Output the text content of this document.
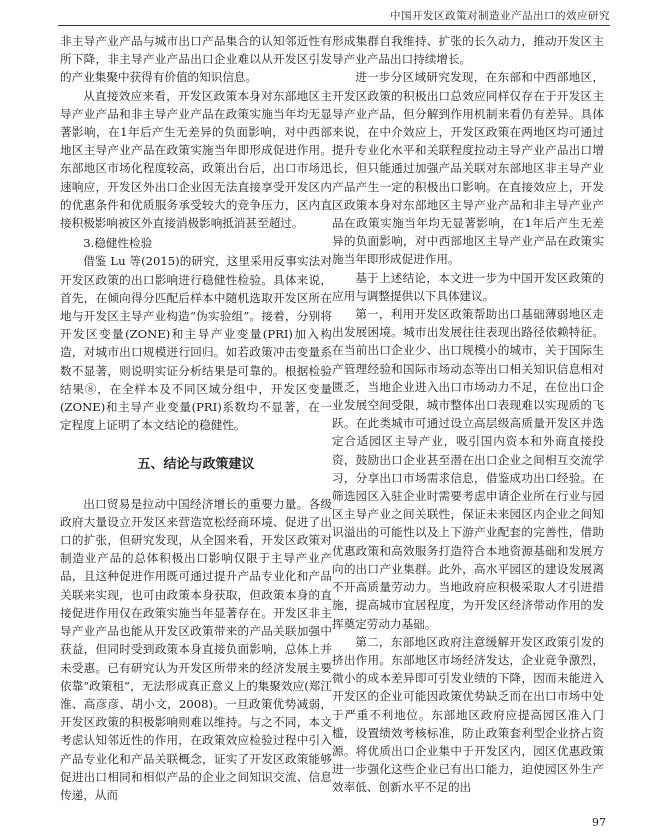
中国开发区政策对制造业产品出口的效应研究

非主导产业产品与城市出口产品集合的认知邻近性有所下降，非主导产业产品出口企业难以从开发区引发的产业集聚中获得有价值的知识信息。

从直接效应来看，开发区政策本身对东部地区主导产业产品和非主导产业产品在政策实施当年均无显著影响，在1年后产生无差异的负面影响，对中西部地区主导产业产品在政策实施当年即形成促进作用。东部地区市场化程度较高，政策出台后，出口市场迅速响应，开发区外出口企业因无法直接享受开发区内的优惠条件和优质服务承受较大的竞争压力，区内直接积极影响被区外直接消极影响抵消甚至超过。

3.稳健性检验

借鉴 Lu 等(2015)的研究，这里采用反事实法对开发区政策的出口影响进行稳健性检验。具体来说，首先，在倾向得分匹配后样本中随机选取开发区所在地与开发区主导产业构造“伪实验组”。接着，分别将开发区变量(ZONE)和主导产业变量(PRI)加入构造，对城市出口规模进行回归。如若政策冲击变量系数不显著，则说明实证分析结果是可靠的。根据检验结果⑧，在全样本及不同区域分组中，开发区变量(ZONE)和主导产业变量(PRI)系数均不显著，在一定程度上证明了本文结论的稳健性。

五、结论与政策建议

出口贸易是拉动中国经济增长的重要力量。各级政府大量设立开发区来营造宽松经商环境、促进了出口的扩张，但研究发现，从全国来看，开发区政策对制造业产品的总体积极出口影响仅限于主导产业产品，且这种促进作用既可通过提升产品专业化和产品关联来实现，也可由政策本身获取，但政策本身的直接促进作用仅在政策实施当年显著存在。开发区非主导产业产品也能从开发区政策带来的产品关联加强中获益，但同时受到政策本身直接负面影响，总体上并未受惠。已有研究认为开发区所带来的经济发展主要依靠“政策租”，无法形成真正意义上的集聚效应(郑江淮、高彦彦、胡小文，2008)。一旦政策优势减弱，开发区政策的积极影响则难以维持。与之不同，本文考虑认知邻近性的作用，在政策效应检验过程中引入产品专业化和产品关联概念，证实了开发区政策能够促进出口相同和相似产品的企业之间知识交流、信息传递，从而

形成集群自我维持、扩张的长久动力，推动开发区主导产业产品出口持续增长。

进一步分区域研究发现，在东部和中西部地区，开发区政策的积极出口总效应同样仅存在于开发区主导产业产品，但分解到作用机制来看仍有差异。具体来说，在中介效应上，开发区政策在两地区均可通过提升专业化水平和关联程度拉动主导产业产品出口增长，但只能通过加强产品关联对东部地区非主导产业产品产生一定的积极出口影响。在直接效应上，开发区政策本身对东部地区主导产业产品和非主导产业产品在政策实施当年均无显著影响，在1年后产生无差异的负面影响，对中西部地区主导产业产品在政策实施当年即形成促进作用。

基于上述结论，本文进一步为中国开发区政策的应用与调整提供以下具体建议。

第一，利用开发区政策帮助出口基础薄弱地区走出发展困境。城市出发展往往表现出路径依赖特征。在当前出口企业少、出口规模小的城市，关于国际生产管理经验和国际市场动态等出口相关知识信息相对匮乏，当地企业进入出口市场动力不足，在位出口企业发展空间受限，城市整体出口表现难以实现质的飞跃。在此类城市可通过设立高层级高质量开发区并选定合适园区主导产业，吸引国内资本和外商直接投资，鼓励出口企业甚至潜在出口企业之间相互交流学习，分享出口市场需求信息，借鉴成功出口经验。在筛选园区入驻企业时需要考虑申请企业所在行业与园区主导产业之间关联性，保证未来园区内企业之间知识溢出的可能性以及上下游产业配套的完善性，借助优惠政策和高效服务打造符合本地资源基础和发展方向的出口产业集群。此外，高水平园区的建设发展离不开高质量劳动力。当地政府应积极采取人才引进措施，提高城市宜居程度，为开发区经济带动作用的发挥奠定劳动力基础。

第二，东部地区政府注意缓解开发区政策引发的挤出作用。东部地区市场经济发达，企业竞争激烈，微小的成本差异即可引发业绩的下降，因而未能进入开发区的企业可能因政策优势缺乏而在出口市场中处于严重不利地位。东部地区政府应提高园区准入门槛，设置绩效考核标准，防止政策套利型企业挤占资源。将优质出口企业集中于开发区内，园区优惠政策进一步强化这些企业已有出口能力，迫使园区外生产效率低、创新水平不足的出

97
